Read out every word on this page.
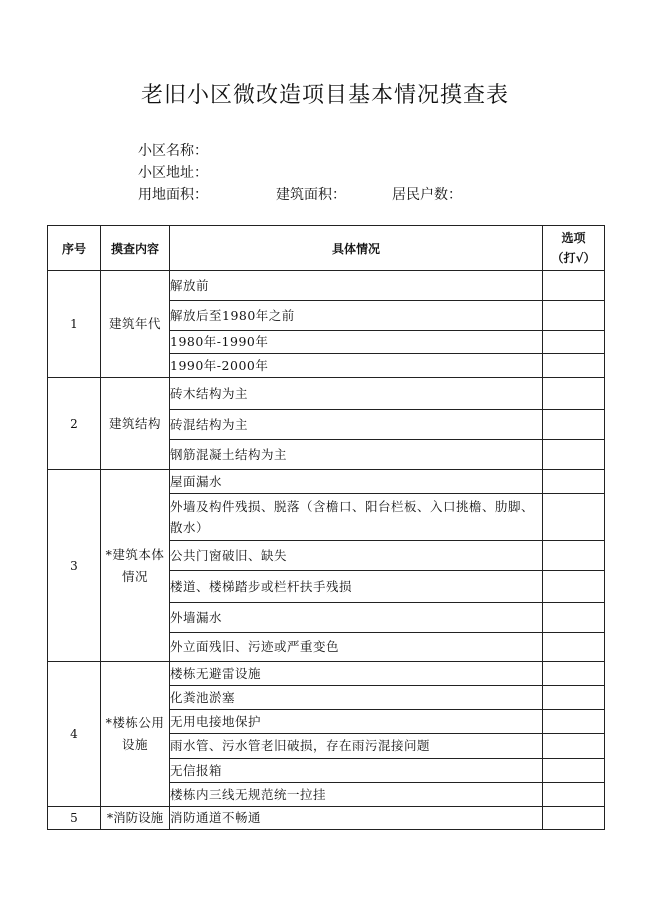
老旧小区微改造项目基本情况摸查表
小区名称：
小区地址：
用地面积：	建筑面积：	居民户数：
序号	摸查内容	具体情况	选项
（打√）

1	建筑年代	解放前	
		解放后至1980年之前	
		1980年-1990年	
		1990年-2000年	
2	建筑结构	砖木结构为主	
		砖混结构为主	
		钢筋混凝土结构为主	
3	*建筑本体情况	屋面漏水	
		外墙及构件残损、脱落（含檐口、阳台栏板、入口挑檐、肋脚、散水）	
		公共门窗破旧、缺失	
		楼道、楼梯踏步或栏杆扶手残损	
		外墙漏水	
		外立面残旧、污迹或严重变色	
4	*楼栋公用设施	楼栋无避雷设施	
		化粪池淤塞	
		无用电接地保护	
		雨水管、污水管老旧破损，存在雨污混接问题	
		无信报箱	
		楼栋内三线无规范统一拉挂	
5	*消防设施	消防通道不畅通	
